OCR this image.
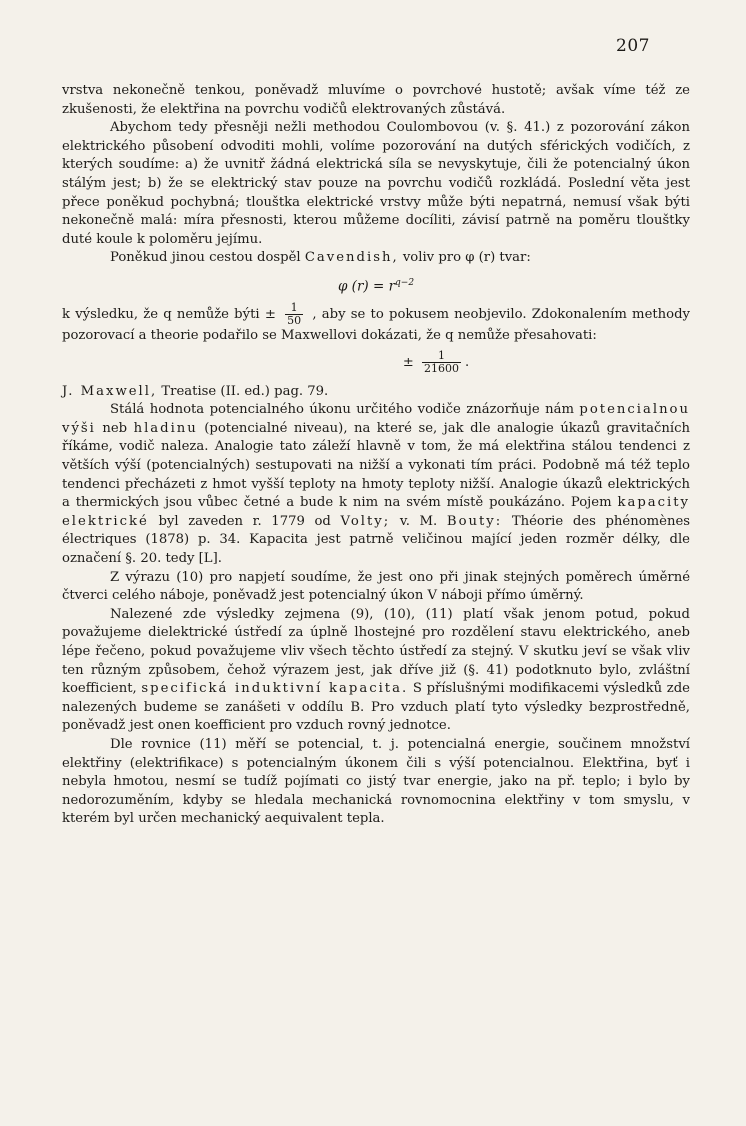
207

vrstva nekonečně tenkou, poněvadž mluvíme o povrchové hustotě; avšak víme též ze zkušenosti, že elektřina na povrchu vodičů elektrovaných zůstává.

Abychom tedy přesněji nežli methodou Coulombovou (v. §. 41.) z pozorování zákon elektrického působení odvoditi mohli, volíme pozorování na dutých sférických vodičích, z kterých soudíme: a) že uvnitř žádná elektrická síla se nevyskytuje, čili že potencialný úkon stálým jest; b) že se elektrický stav pouze na povrchu vodičů rozkládá. Poslední věta jest přece poněkud pochybná; tlouštka elektrické vrstvy může býti nepatrná, nemusí však býti nekonečně malá: míra přesnosti, kterou můžeme docíliti, závisí patrně na poměru tlouštky duté koule k poloměru jejímu.

Poněkud jinou cestou dospěl Cavendish, voliv pro φ (r) tvar:

φ $(r) = r^{q-2}$

k výsledku, že q nemůže býti ± $\frac{1}{50}$ , aby se to pokusem neobjevilo. Zdokonalením methody pozorovací a theorie podařilo se Maxwellovi dokázati, že q nemůže přesahovati:

± $\frac{1}{21600}$ .

J. Maxwell, Treatise (II. ed.) pag. 79.

Stálá hodnota potencialného úkonu určitého vodiče znázorňuje nám potencialnou výši neb hladinu (potencialné niveau), na které se, jak dle analogie úkazů gravitačních říkáme, vodič naleza. Analogie tato záleží hlavně v tom, že má elektřina stálou tendenci z větších výší (potencialných) sestupovati na nižší a vykonati tím práci. Podobně má též teplo tendenci přecházeti z hmot vyšší teploty na hmoty teploty nižší. Analogie úkazů elektrických a thermických jsou vůbec četné a bude k nim na svém místě poukázáno. Pojem kapacity elektrické byl zaveden r. 1779 od Volty; v. M. Bouty: Théorie des phénomènes électriques (1878) p. 34. Kapacita jest patrně veličinou mající jeden rozměr délky, dle označení §. 20. tedy [L].

Z výrazu (10) pro napjetí soudíme, že jest ono při jinak stejných poměrech úměrné čtverci celého náboje, poněvadž jest potencialný úkon V náboji přímo úměrný.

Nalezené zde výsledky zejmena (9), (10), (11) platí však jenom potud, pokud považujeme dielektrické ústředí za úplně lhostejné pro rozdělení stavu elektrického, aneb lépe řečeno, pokud považujeme vliv všech těchto ústředí za stejný. V skutku jeví se však vliv ten různým způsobem, čehož výrazem jest, jak dříve již (§. 41) podotknuto bylo, zvláštní koefficient, specifická induktivní kapacita. S příslušnými modifikacemi výsledků zde nalezených budeme se zanášeti v oddílu B. Pro vzduch platí tyto výsledky bezprostředně, poněvadž jest onen koefficient pro vzduch rovný jednotce.

Dle rovnice (11) měří se potencial, t. j. potencialná energie, součinem množství elektřiny (elektrifikace) s potencialným úkonem čili s výší potencialnou. Elektřina, byť i nebyla hmotou, nesmí se tudíž pojímati co jistý tvar energie, jako na př. teplo; i bylo by nedorozuměním, kdyby se hledala mechanická rovnomocnina elektřiny v tom smyslu, v kterém byl určen mechanický aequivalent tepla.
